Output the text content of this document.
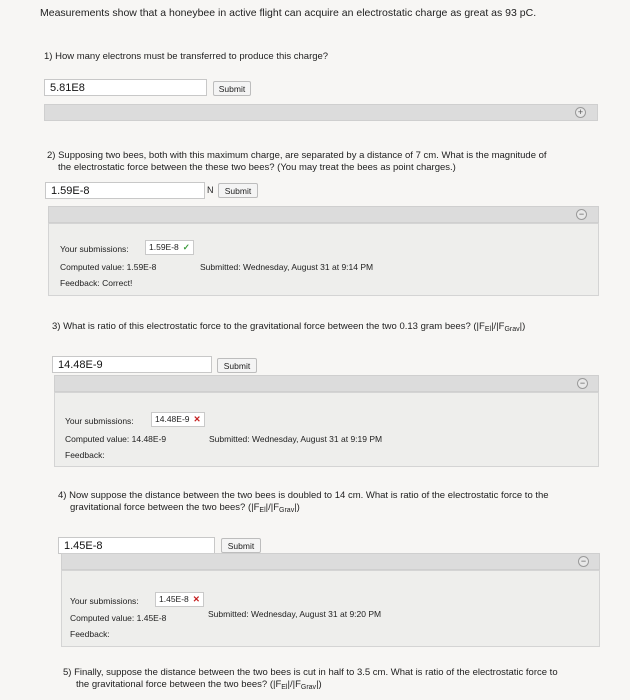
Measurements show that a honeybee in active flight can acquire an electrostatic charge as great as 93 pC.
1) How many electrons must be transferred to produce this charge?
5.81E8	Submit
+
2) Supposing two bees, both with this maximum charge, are separated by a distance of 7 cm. What is the magnitude of
the electrostatic force between the these two bees? (You may treat the bees as point charges.)
1.59E-8	N	Submit
−
Your submissions:	1.59E-8 ✓
Computed value: 1.59E-8	Submitted: Wednesday, August 31 at 9:14 PM
Feedback: Correct!
3) What is ratio of this electrostatic force to the gravitational force between the two 0.13 gram bees? $(|F_{El}|/|F_{Grav}|)$
14.48E-9	Submit
−
Your submissions:	14.48E-9 ✕
Computed value: 14.48E-9	Submitted: Wednesday, August 31 at 9:19 PM
Feedback:
4) Now suppose the distance between the two bees is doubled to 14 cm. What is ratio of the electrostatic force to the
gravitational force between the two bees? $(|F_{El}|/|F_{Grav}|)$
1.45E-8	Submit
−
Your submissions:	1.45E-8 ✕
Computed value: 1.45E-8	Submitted: Wednesday, August 31 at 9:20 PM
Feedback:
5) Finally, suppose the distance between the two bees is cut in half to 3.5 cm. What is ratio of the electrostatic force to
the gravitational force between the two bees? $(|F_{El}|/|F_{Grav}|)$
